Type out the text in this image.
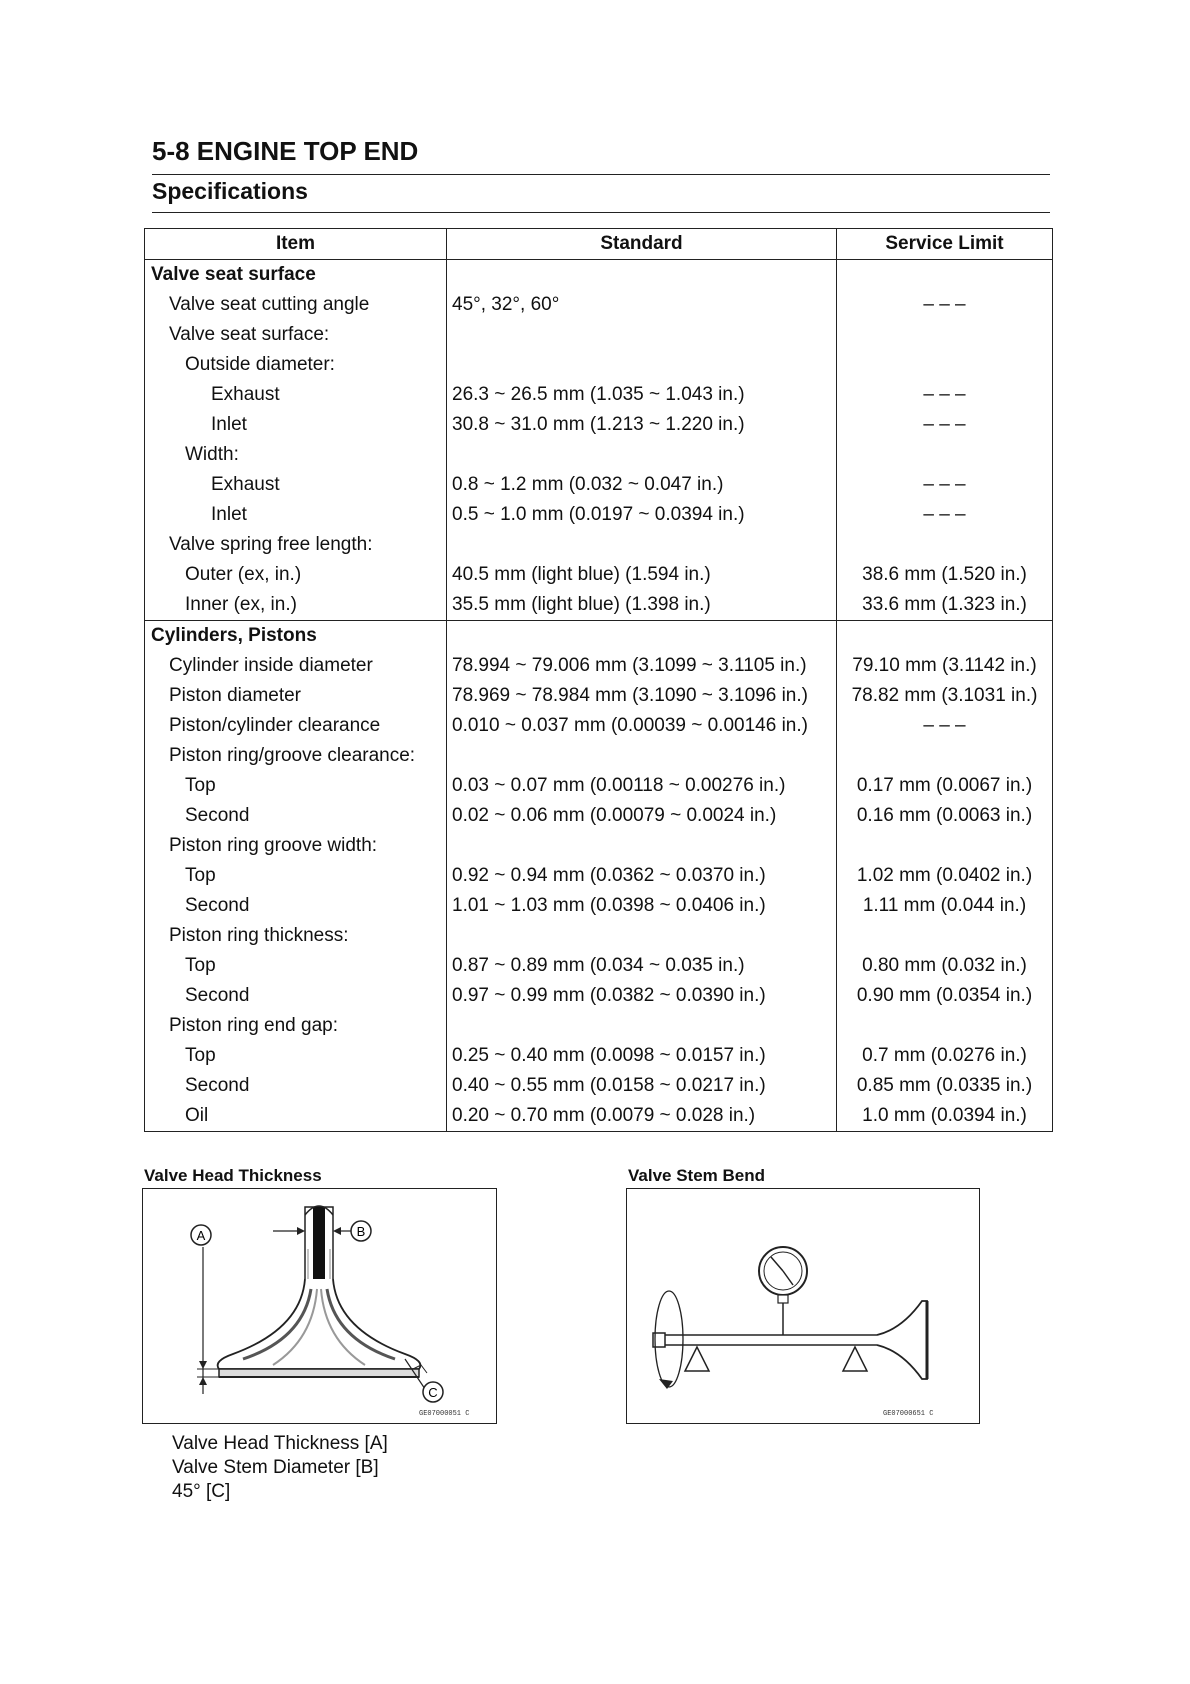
5-8 ENGINE TOP END
Specifications
Item	Standard	Service Limit
Valve seat surface		
Valve seat cutting angle	45°, 32°, 60°	– – –
Valve seat surface:		
Outside diameter:		
Exhaust	26.3 ~ 26.5 mm (1.035 ~ 1.043 in.)	– – –
Inlet	30.8 ~ 31.0 mm (1.213 ~ 1.220 in.)	– – –
Width:		
Exhaust	0.8 ~ 1.2 mm (0.032 ~ 0.047 in.)	– – –
Inlet	0.5 ~ 1.0 mm (0.0197 ~ 0.0394 in.)	– – –
Valve spring free length:		
Outer (ex, in.)	40.5 mm (light blue) (1.594 in.)	38.6 mm (1.520 in.)
Inner (ex, in.)	35.5 mm (light blue) (1.398 in.)	33.6 mm (1.323 in.)
Cylinders, Pistons		
Cylinder inside diameter	78.994 ~ 79.006 mm (3.1099 ~ 3.1105 in.)	79.10 mm (3.1142 in.)
Piston diameter	78.969 ~ 78.984 mm (3.1090 ~ 3.1096 in.)	78.82 mm (3.1031 in.)
Piston/cylinder clearance	0.010 ~ 0.037 mm (0.00039 ~ 0.00146 in.)	– – –
Piston ring/groove clearance:		
Top	0.03 ~ 0.07 mm (0.00118 ~ 0.00276 in.)	0.17 mm (0.0067 in.)
Second	0.02 ~ 0.06 mm (0.00079 ~ 0.0024 in.)	0.16 mm (0.0063 in.)
Piston ring groove width:		
Top	0.92 ~ 0.94 mm (0.0362 ~ 0.0370 in.)	1.02 mm (0.0402 in.)
Second	1.01 ~ 1.03 mm (0.0398 ~ 0.0406 in.)	1.11 mm (0.044 in.)
Piston ring thickness:		
Top	0.87 ~ 0.89 mm (0.034 ~ 0.035 in.)	0.80 mm (0.032 in.)
Second	0.97 ~ 0.99 mm (0.0382 ~ 0.0390 in.)	0.90 mm (0.0354 in.)
Piston ring end gap:		
Top	0.25 ~ 0.40 mm (0.0098 ~ 0.0157 in.)	0.7 mm (0.0276 in.)
Second	0.40 ~ 0.55 mm (0.0158 ~ 0.0217 in.)	0.85 mm (0.0335 in.)
Oil	0.20 ~ 0.70 mm (0.0079 ~ 0.028 in.)	1.0 mm (0.0394 in.)
Valve Head Thickness
A	B
C
GE07000051 C
Valve Stem Bend
GE07000651 C
Valve Head Thickness [A]
Valve Stem Diameter [B]
45° [C]
